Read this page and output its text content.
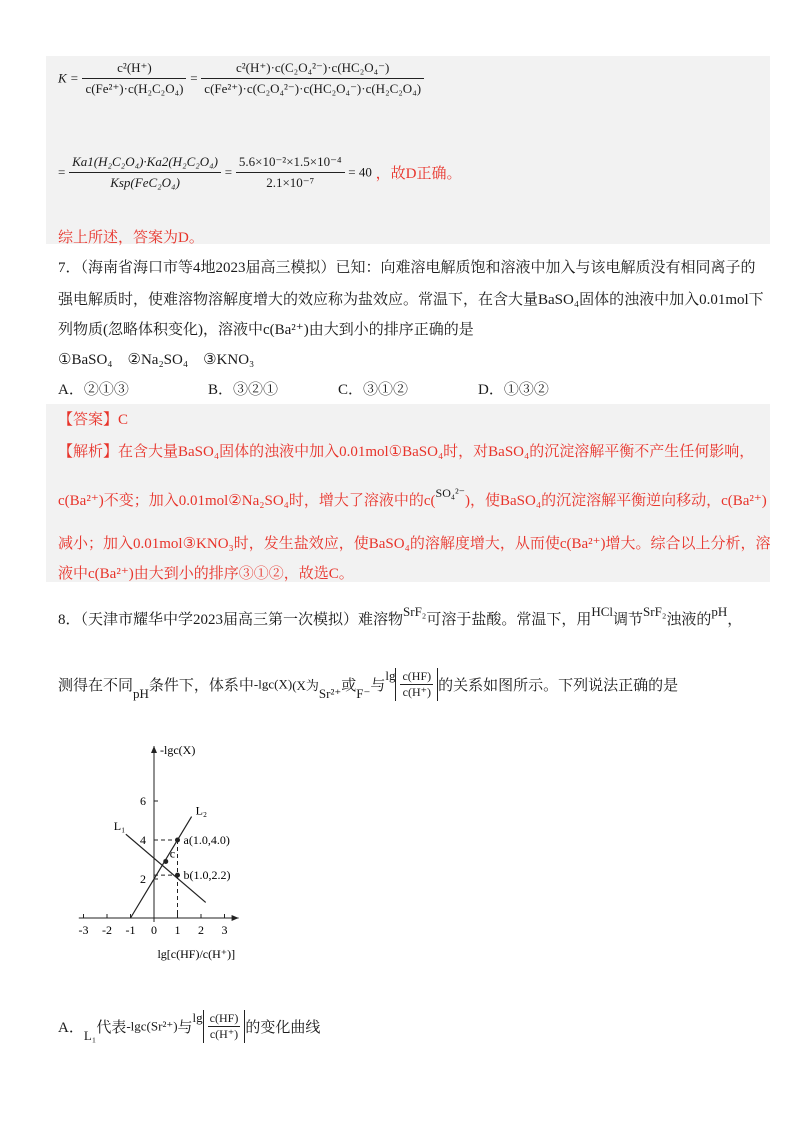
$K = \frac{\text{c²(H⁺)}}{\text{c(Fe²⁺)·c(H₂C₂O₄)}} = \frac{\text{c²(H⁺)·c(C₂O₄²⁻)·c(HC₂O₄⁻)}}{\text{c(Fe²⁺)·c(C₂O₄²⁻)·c(HC₂O₄⁻)·c(H₂C₂O₄)}}$
= $\frac{\text{Ka1(H₂C₂O₄)·Ka2(H₂C₂O₄)}}{\text{Ksp(FeC₂O₄)}} = \frac{\text{5.6×10⁻²×1.5×10⁻⁴}}{\text{2.1×10⁻⁷}} = 40$ ，故D正确。
综上所述，答案为D。
7．（海南省海口市等4地2023届高三模拟）已知：向难溶电解质饱和溶液中加入与该电解质没有相同离子的
强电解质时，使难溶物溶解度增大的效应称为盐效应。常温下，在含大量BaSO₄固体的浊液中加入0.01mol下
列物质(忽略体积变化)，溶液中c(Ba²⁺)由大到小的排序正确的是
①BaSO₄　②Na₂SO₄　③KNO₃
A．②①③	B．③②①	C．③①②	D．①③②
【答案】C
【解析】在含大量BaSO₄固体的浊液中加入0.01mol①BaSO₄时，对BaSO₄的沉淀溶解平衡不产生任何影响，
c(Ba²⁺)不变；加入0.01mol②Na₂SO₄时，增大了溶液中的c($^{SO_4^{2-}}$)，使BaSO₄的沉淀溶解平衡逆向移动，c(Ba²⁺)
减小；加入0.01mol③KNO₃时，发生盐效应，使BaSO₄的溶解度增大，从而使c(Ba²⁺)增大。综合以上分析，溶
液中c(Ba²⁺)由大到小的排序③①②，故选C。
8．（天津市耀华中学2023届高三第一次模拟）难溶物SrF₂可溶于盐酸。常温下，用HCl调节SrF₂浊液的pH，
测得在不同pH条件下，体系中-lgc(X)(X为Sr²⁺或F⁻与$\lg \frac{c(HF)}{c(H^+)}$ 的关系如图所示。下列说法正确的是
-lgc(X)
-3 -2 -1 0 1 2 3
2
4
6
L₁
L₂
a(1.0,4.0)
b(1.0,2.2)
c
lg[c(HF)/c(H⁺)]
A．L₁代表-lgc(Sr²⁺)与$\lg \frac{c(HF)}{c(H^+)}$ 的变化曲线
